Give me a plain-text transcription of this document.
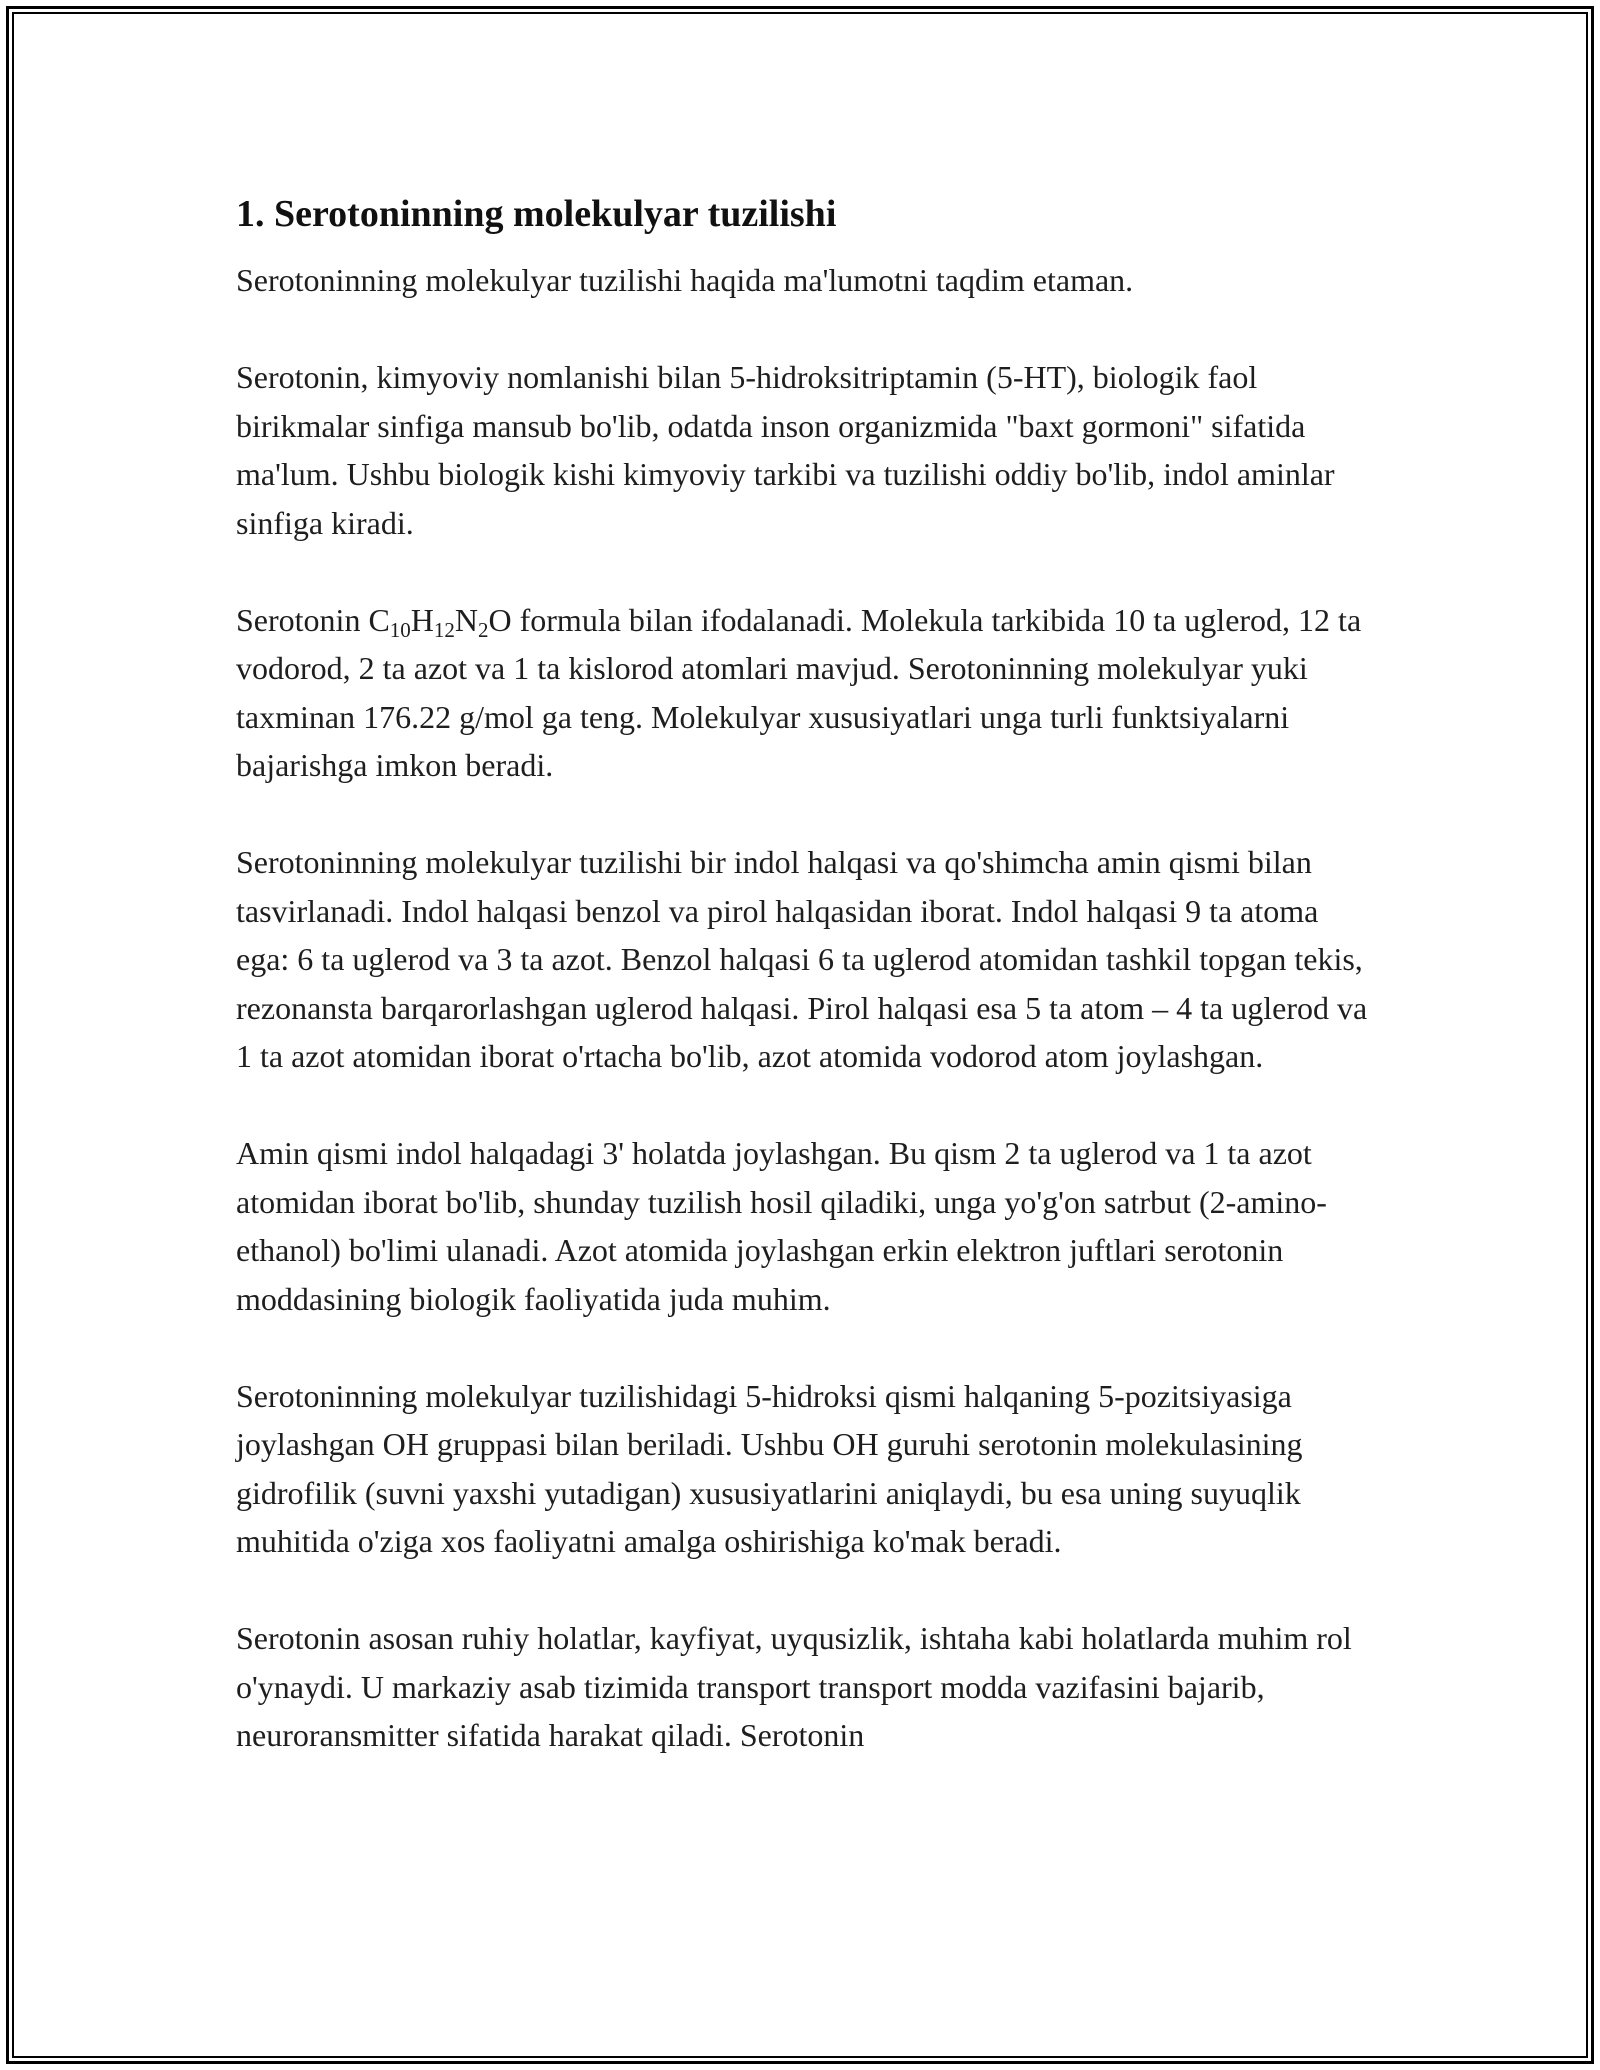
1. Serotoninning molekulyar tuzilishi

Serotoninning molekulyar tuzilishi haqida ma'lumotni taqdim etaman.

Serotonin, kimyoviy nomlanishi bilan 5-hidroksitriptamin (5-HT), biologik faol birikmalar sinfiga mansub bo'lib, odatda inson organizmida "baxt gormoni" sifatida ma'lum. Ushbu biologik kishi kimyoviy tarkibi va tuzilishi oddiy bo'lib, indol aminlar sinfiga kiradi.

Serotonin $C_{10}H_{12}N_2O$ formula bilan ifodalanadi. Molekula tarkibida 10 ta uglerod, 12 ta vodorod, 2 ta azot va 1 ta kislorod atomlari mavjud. Serotoninning molekulyar yuki taxminan 176.22 g/mol ga teng. Molekulyar xususiyatlari unga turli funktsiyalarni bajarishga imkon beradi.

Serotoninning molekulyar tuzilishi bir indol halqasi va qo'shimcha amin qismi bilan tasvirlanadi. Indol halqasi benzol va pirol halqasidan iborat. Indol halqasi 9 ta atoma ega: 6 ta uglerod va 3 ta azot. Benzol halqasi 6 ta uglerod atomidan tashkil topgan tekis, rezonansta barqarorlashgan uglerod halqasi. Pirol halqasi esa 5 ta atom – 4 ta uglerod va 1 ta azot atomidan iborat o'rtacha bo'lib, azot atomida vodorod atom joylashgan.

Amin qismi indol halqadagi 3' holatda joylashgan. Bu qism 2 ta uglerod va 1 ta azot atomidan iborat bo'lib, shunday tuzilish hosil qiladiki, unga yo'g'on satrbut (2-amino-ethanol) bo'limi ulanadi. Azot atomida joylashgan erkin elektron juftlari serotonin moddasining biologik faoliyatida juda muhim.

Serotoninning molekulyar tuzilishidagi 5-hidroksi qismi halqaning 5-pozitsiyasiga joylashgan OH gruppasi bilan beriladi. Ushbu OH guruhi serotonin molekulasining gidrofilik (suvni yaxshi yutadigan) xususiyatlarini aniqlaydi, bu esa uning suyuqlik muhitida o'ziga xos faoliyatni amalga oshirishiga ko'mak beradi.

Serotonin asosan ruhiy holatlar, kayfiyat, uyqusizlik, ishtaha kabi holatlarda muhim rol o'ynaydi. U markaziy asab tizimida transport transport modda vazifasini bajarib, neuroransmitter sifatida harakat qiladi. Serotonin
